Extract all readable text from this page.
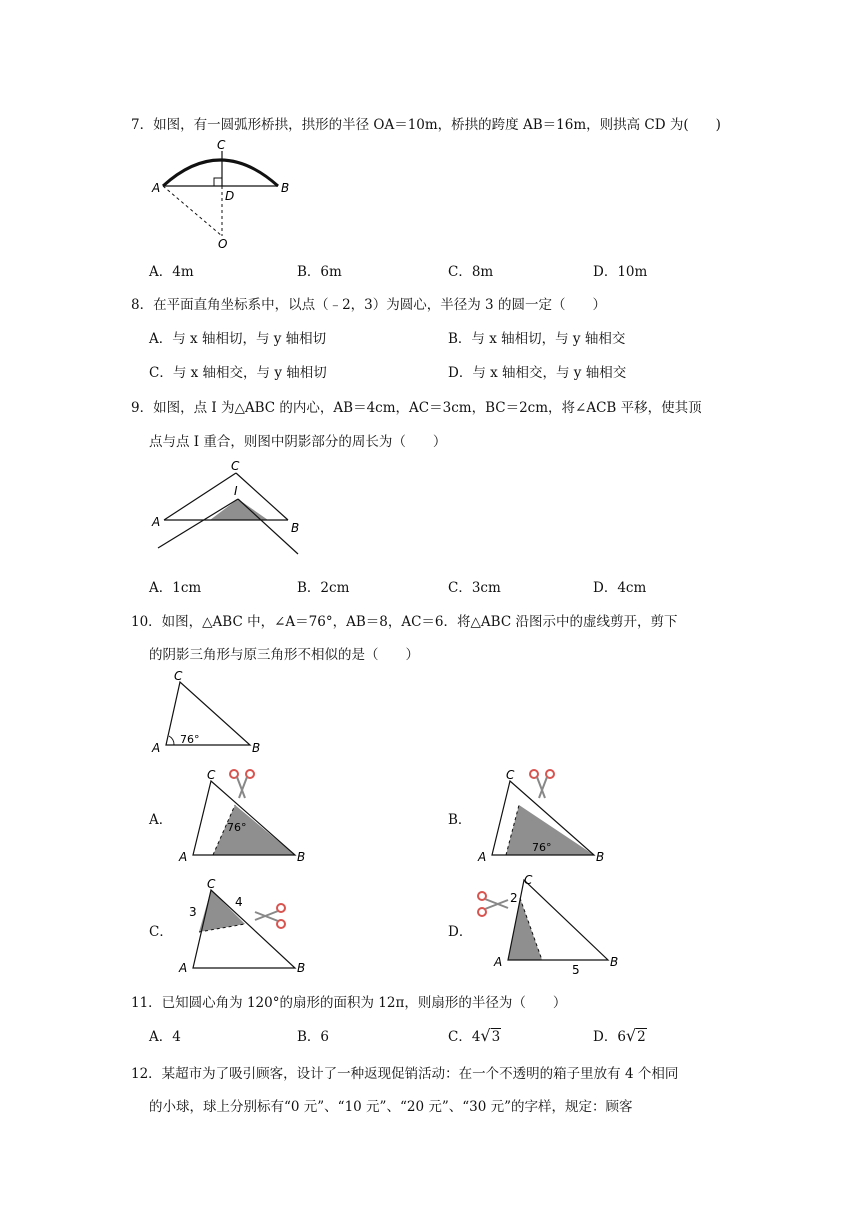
7．如图，有一圆弧形桥拱，拱形的半径 OA＝10m，桥拱的跨度 AB＝16m，则拱高 CD 为(　　)
A	B
C
D
O
A．4m	B．6m	C．8m	D．10m
8．在平面直角坐标系中，以点（﹣2，3）为圆心，半径为 3 的圆一定（　　）
A．与 x 轴相切，与 y 轴相切	B．与 x 轴相切，与 y 轴相交
C．与 x 轴相交，与 y 轴相切	D．与 x 轴相交，与 y 轴相交
9．如图，点 I 为△ABC 的内心，AB＝4cm，AC＝3cm，BC＝2cm，将∠ACB 平移，使其顶
点与点 I 重合，则图中阴影部分的周长为（　　）
A	B
C
I
A．1cm	B．2cm	C．3cm	D．4cm
10．如图，△ABC 中，∠A＝76°，AB＝8，AC＝6．将△ABC 沿图示中的虚线剪开，剪下
的阴影三角形与原三角形不相似的是（　　）
A	B
C
76°
A．
A	B
C
76°	B．
A	B
C
76°
C．
A	B
C
3
4
D．
A	B
C
2
5
11．已知圆心角为 120°的扇形的面积为 12π，则扇形的半径为（　　）
A．4	B．6	C．4√3	D．6√2
12．某超市为了吸引顾客，设计了一种返现促销活动：在一个不透明的箱子里放有 4 个相同
的小球，球上分别标有“0 元”、“10 元”、“20 元”、“30 元”的字样，规定：顾客
